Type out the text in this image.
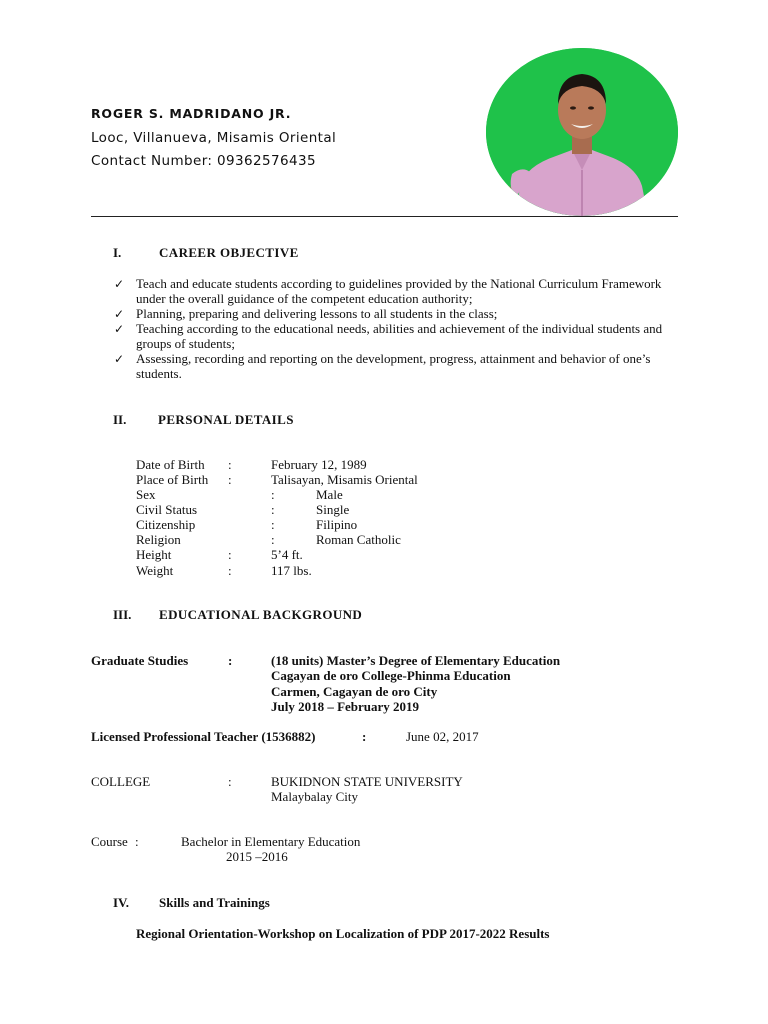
ROGER S. MADRIDANO JR.
Looc, Villanueva, Misamis Oriental
Contact Number: 09362576435
I.	CAREER OBJECTIVE
✓ Teach and educate students according to guidelines provided by the National Curriculum Framework under the overall guidance of the competent education authority;
✓ Planning, preparing and delivering lessons to all students in the class;
✓ Teaching according to the educational needs, abilities and achievement of the individual students and groups of students;
✓ Assessing, recording and reporting on the development, progress, attainment and behavior of one’s students.
II. PERSONAL DETAILS
Date of Birth :	February 12, 1989
Place of Birth :	Talisayan, Misamis Oriental
Sex	:	Male
Civil Status	:	Single
Citizenship	:	Filipino
Religion	:	Roman Catholic
Height	:	5’4 ft.
Weight	:	117 lbs.
III. EDUCATIONAL BACKGROUND
Graduate Studies	:	(18 units) Master’s Degree of Elementary Education
Cagayan de oro College-Phinma Education
Carmen, Cagayan de oro City
July 2018 – February 2019
Licensed Professional Teacher (1536882)	:	June 02, 2017
COLLEGE	:	BUKIDNON STATE UNIVERSITY
Malaybalay City
Course :	Bachelor in Elementary Education
2015 –2016
IV. Skills and Trainings
Regional Orientation-Workshop on Localization of PDP 2017-2022 Results
